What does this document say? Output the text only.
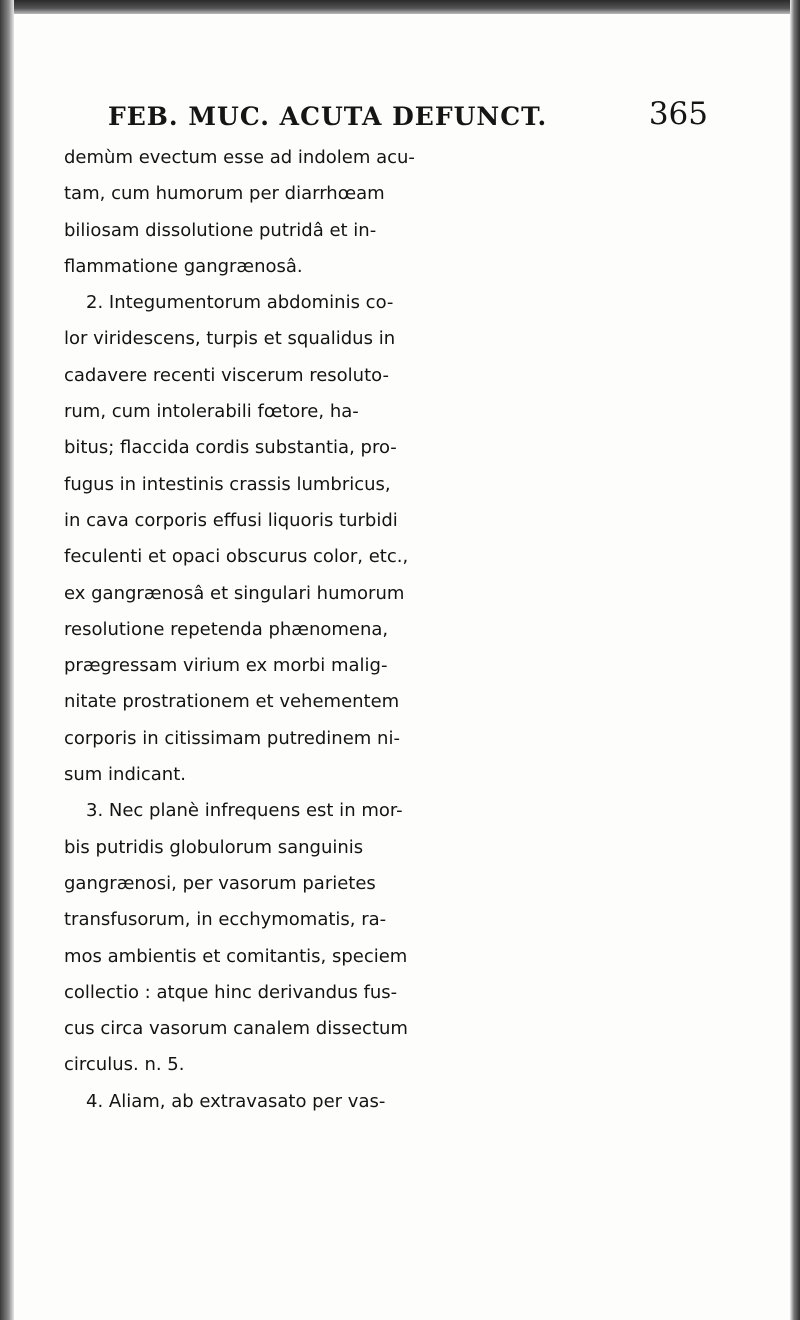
FEB. MUC. ACUTA DEFUNCT.	365
demùm evectum esse ad indolem acu-
tam, cum humorum per diarrhœam
biliosam dissolutione putridâ et in-
flammatione gangrænosâ.
2. Integumentorum abdominis co-
lor viridescens, turpis et squalidus in
cadavere recenti viscerum resoluto-
rum, cum intolerabili fœtore, ha-
bitus; flaccida cordis substantia, pro-
fugus in intestinis crassis lumbricus,
in cava corporis effusi liquoris turbidi
feculenti et opaci obscurus color, etc.,
ex gangrænosâ et singulari humorum
resolutione repetenda phænomena,
prægressam virium ex morbi malig-
nitate prostrationem et vehementem
corporis in citissimam putredinem ni-
sum indicant.
3. Nec planè infrequens est in mor-
bis putridis globulorum sanguinis
gangrænosi, per vasorum parietes
transfusorum, in ecchymomatis, ra-
mos ambientis et comitantis, speciem
collectio : atque hinc derivandus fus-
cus circa vasorum canalem dissectum
circulus. n. 5.
4. Aliam, ab extravasato per vas-
